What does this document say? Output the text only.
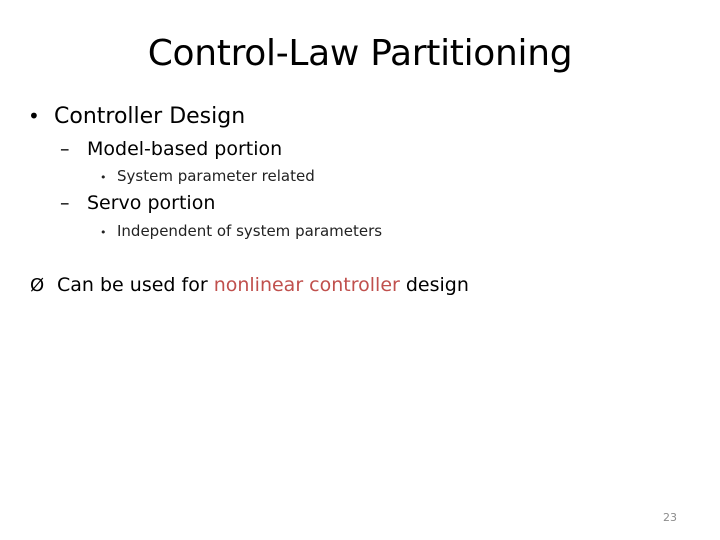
Control-Law Partitioning
• Controller Design
– Model-based portion
• System parameter related
– Servo portion
• Independent of system parameters
Ø Can be used for
nonlinear controller
design
23
